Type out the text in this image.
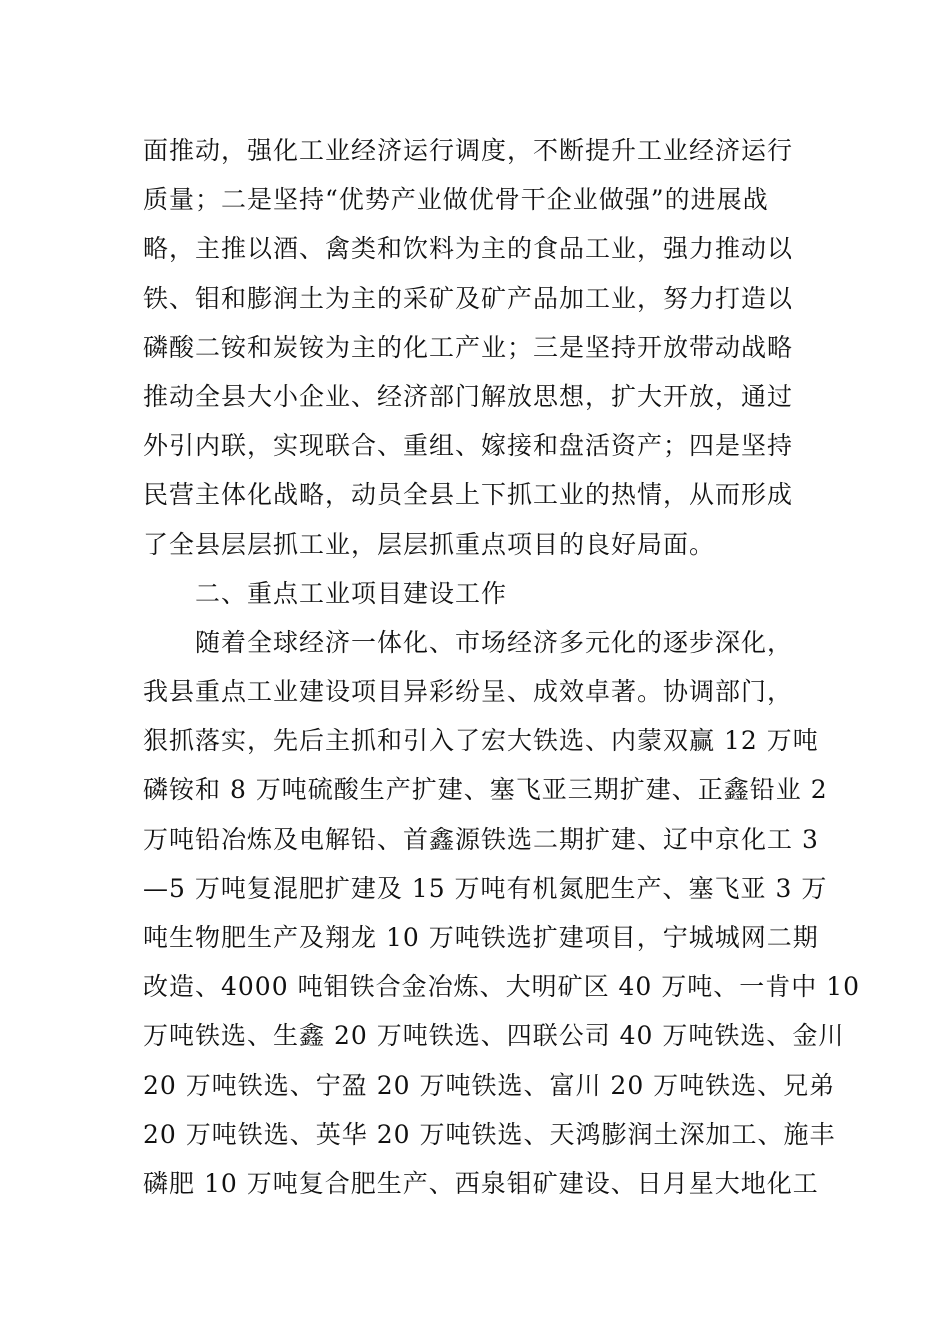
面推动，强化工业经济运行调度，不断提升工业经济运行
质量；二是坚持“优势产业做优骨干企业做强”的进展战
略，主推以酒、禽类和饮料为主的食品工业，强力推动以
铁、钼和膨润土为主的采矿及矿产品加工业，努力打造以
磷酸二铵和炭铵为主的化工产业；三是坚持开放带动战略
推动全县大小企业、经济部门解放思想，扩大开放，通过
外引内联，实现联合、重组、嫁接和盘活资产；四是坚持
民营主体化战略，动员全县上下抓工业的热情，从而形成
了全县层层抓工业，层层抓重点项目的良好局面。
二、重点工业项目建设工作
随着全球经济一体化、市场经济多元化的逐步深化，
我县重点工业建设项目异彩纷呈、成效卓著。协调部门，
狠抓落实，先后主抓和引入了宏大铁选、内蒙双赢 12 万吨
磷铵和 8 万吨硫酸生产扩建、塞飞亚三期扩建、正鑫铅业 2
万吨铅冶炼及电解铅、首鑫源铁选二期扩建、辽中京化工 3
—5 万吨复混肥扩建及 15 万吨有机氮肥生产、塞飞亚 3 万
吨生物肥生产及翔龙 10 万吨铁选扩建项目，宁城城网二期
改造、4000 吨钼铁合金冶炼、大明矿区 40 万吨、一肯中 10
万吨铁选、生鑫 20 万吨铁选、四联公司 40 万吨铁选、金川
20 万吨铁选、宁盈 20 万吨铁选、富川 20 万吨铁选、兄弟
20 万吨铁选、英华 20 万吨铁选、天鸿膨润土深加工、施丰
磷肥 10 万吨复合肥生产、西泉钼矿建设、日月星大地化工
